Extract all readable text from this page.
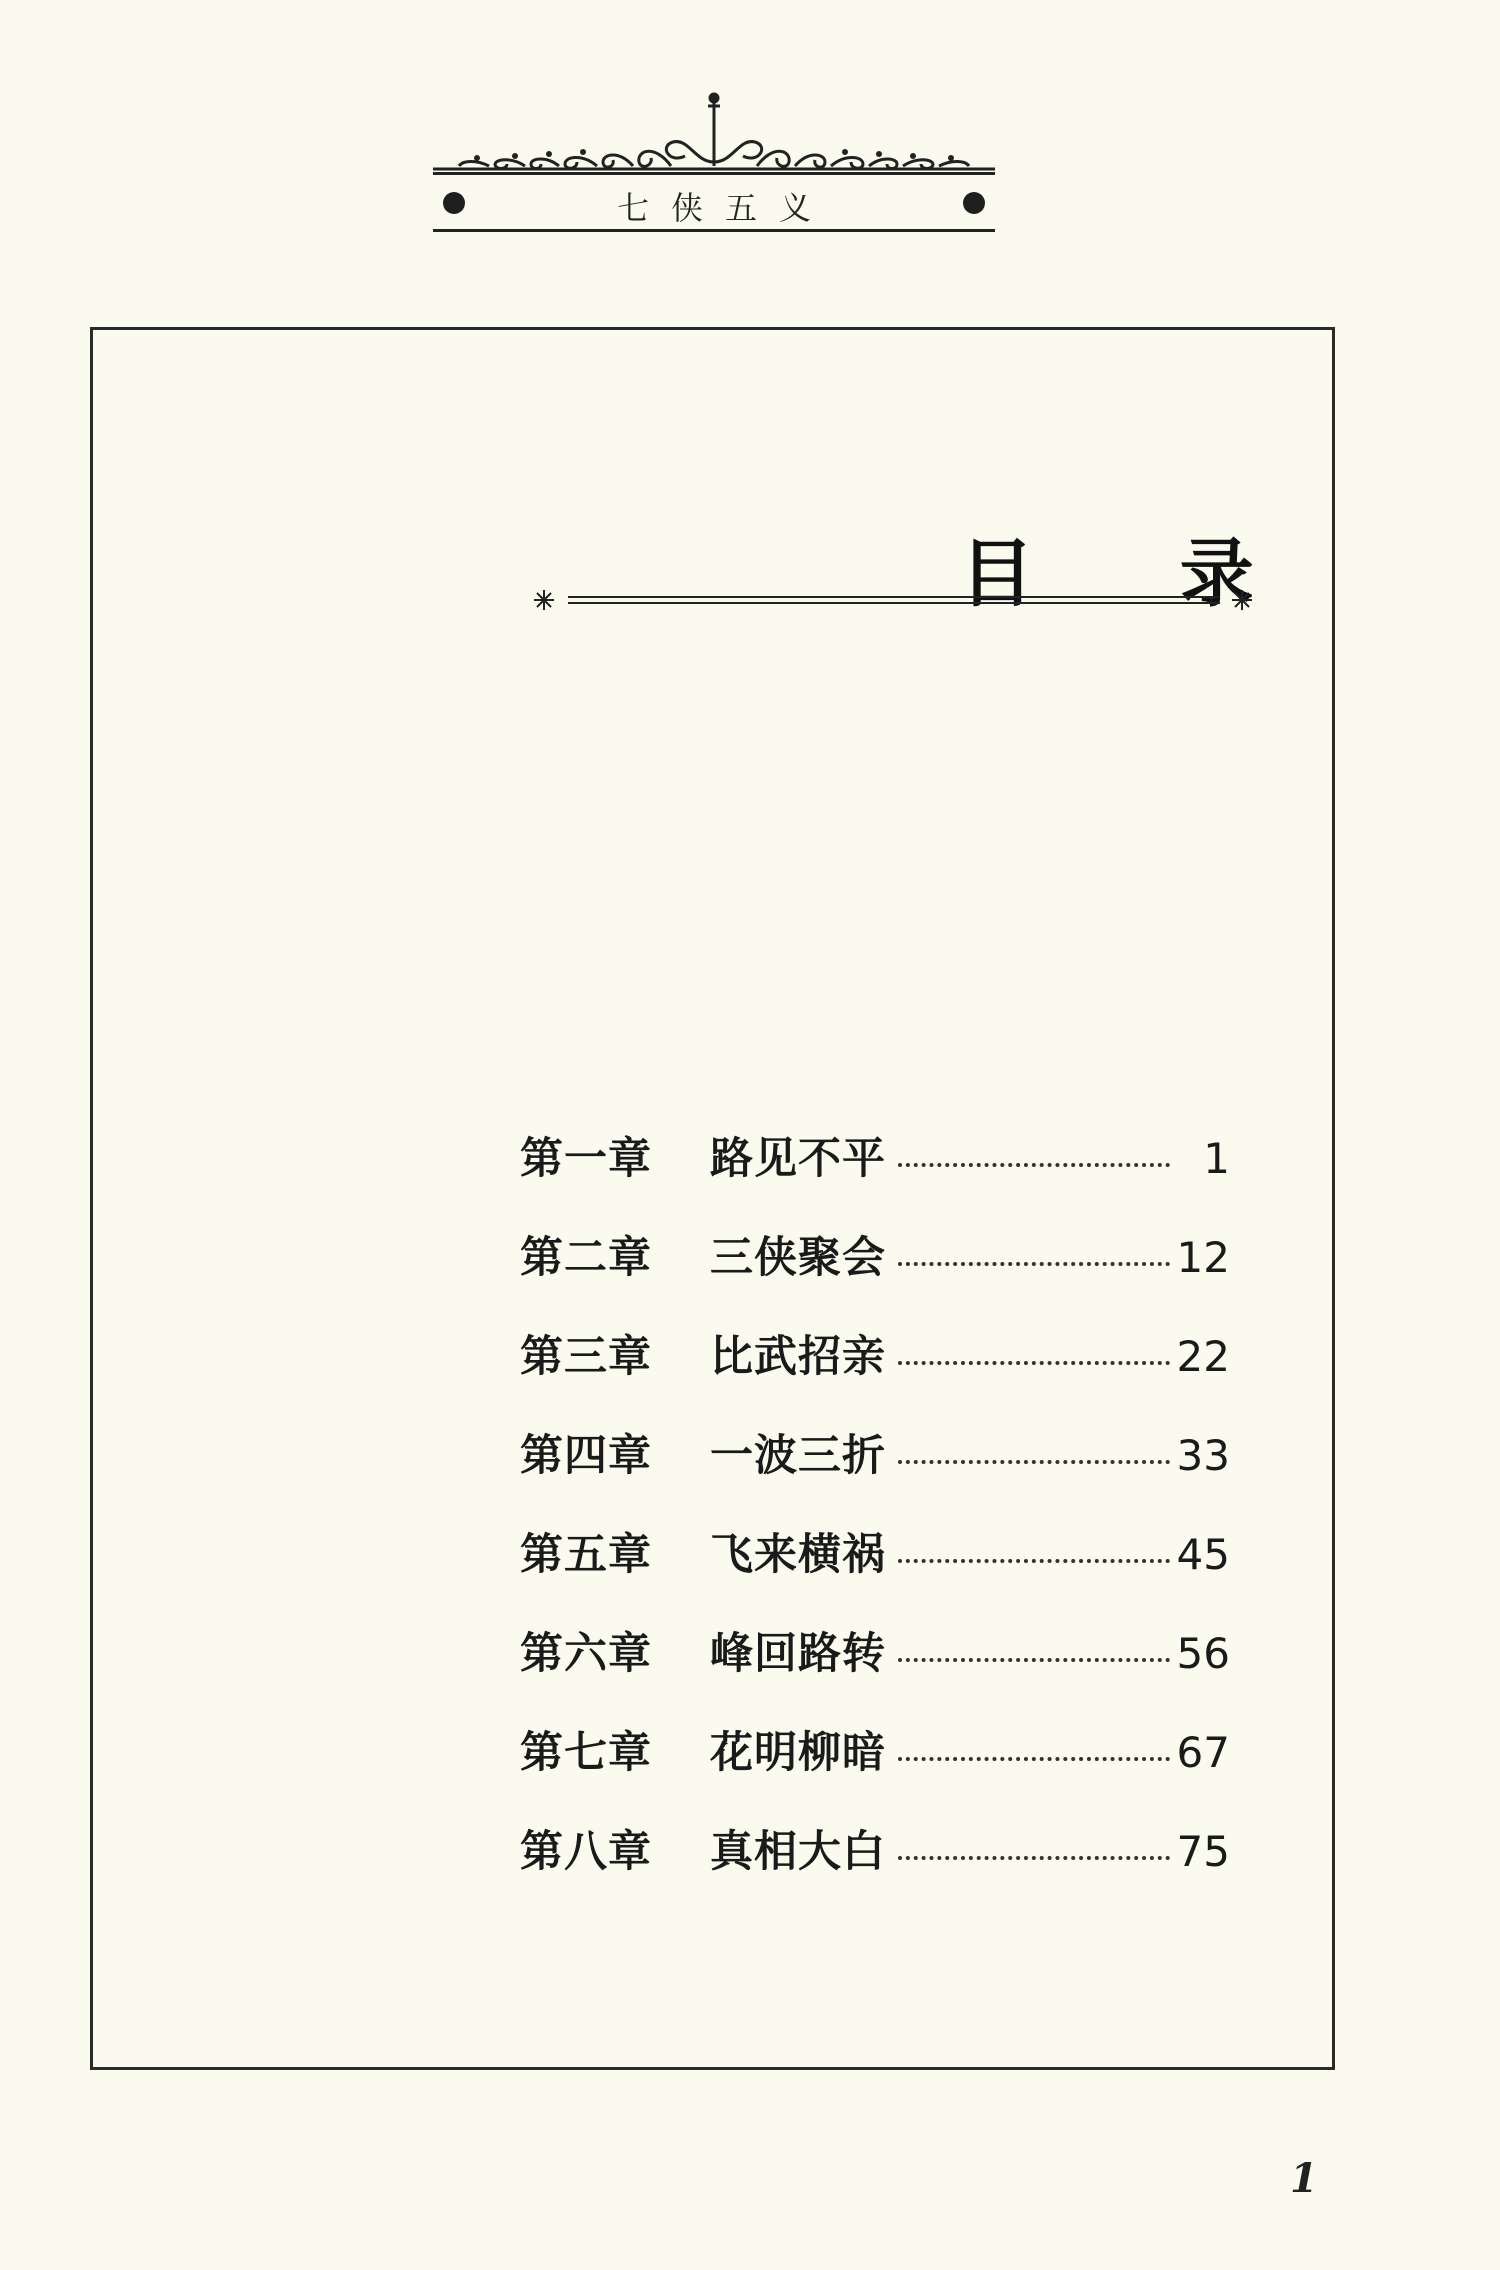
七侠五义
目 录
第一章	路见不平	1
第二章	三侠聚会	12
第三章	比武招亲	22
第四章	一波三折	33
第五章	飞来横祸	45
第六章	峰回路转	56
第七章	花明柳暗	67
第八章	真相大白	75
1
